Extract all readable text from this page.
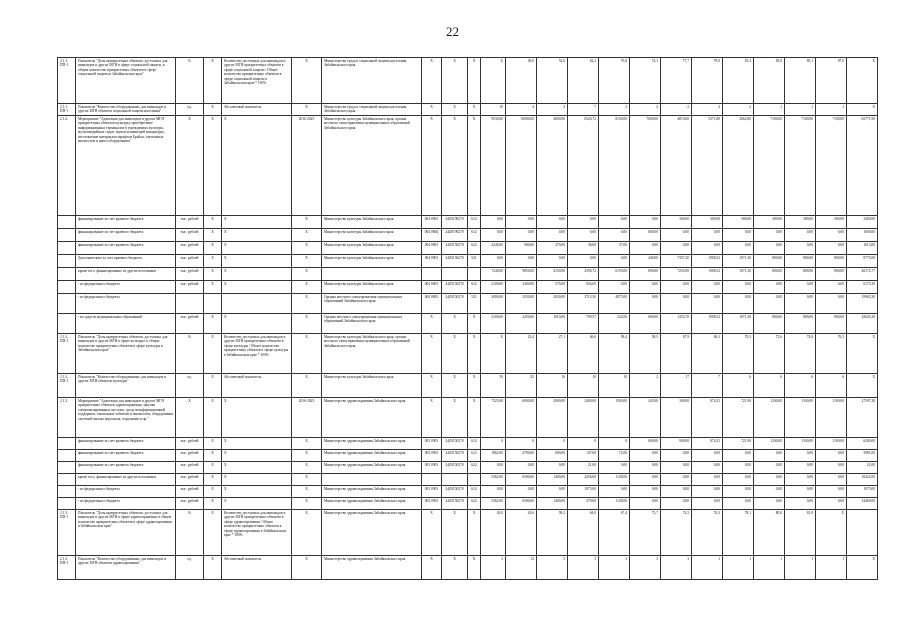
22
2.1.1. ПП-1	Показатель "Доля приоритетных объектов, доступных для инвалидов и других МГН в сфере социальной защиты, в общем количестве приоритетных объектов в сфере социальной защиты в Забайкальском крае"	%	X	Количество доступных для инвалидов и других МГН приоритетных объектов в сфере социальной защиты / Общее количество приоритетных объектов в сфере социальной защиты в Забайкальском крае * 100%	X	Министерство труда и социальной защиты населения Забайкальского края	X	X	X	X	49,0	52,6	62,2	70,8	74,1	77,7	79,0	81,4	83,0	85,1	87,0	X
2.1.1. ПП-1	Показатель "Количество оборудованных для инвалидов и других МГН объектов социальной защиты населения"	ед.	X	Абсолютный показатель	X	Министерство труда и социальной защиты населения Забайкальского края	X	X	X	10	4	3	7	3	2	2	2	2	1	1	1	X
2.1.2.	Мероприятие "Адаптация для инвалидов и других МГН приоритетных объектов культуры, приобретение информационных терминалов в учреждениях культуры, мультимедийных гидов, звукоусиливающей аппаратуры, изготовление материалов шрифтом Брайля, тактильных мнемосхем и иного оборудования"	X	X	X	2016-2025	Министерство культуры Забайкальского края, органы местного самоуправления муниципальных образований Забайкальского края	X	X	X	9530,00	10000,00	4600,00	6520,72	8150,00	7000,00	4874,00	5371,80	2062,80	7100,00	7100,00	7100,00	65771,90
	финансирование за счет краевого бюджета	тыс. рублей	X	X	X	Министерство культуры Забайкальского края	004 0801	24Z0190270	612	0,00	0,00	0,00	0,00	0,00	0,00	300,00	300,00	300,00	300,00	300,00	300,00	2400,00
	финансирование за счет краевого бюджета	тыс. рублей	X	X	X	Министерство культуры Забайкальского края	004 0804	24Z0190270	612	0,00	0,00	0,00	0,00	0,00	600,00	0,00	0,00	0,00	0,00	0,00	0,00	1600,00
	финансирование за счет краевого бюджета	тыс. рублей	X	X	X	Министерство культуры Забайкальского края	004 0801	24Z0150270	622	2240,00	900,00	270,00	36,00	37,00	0,00	0,00	0,00	0,00	0,00	0,00	0,00	1613,00
	Дополнительно за счет краевого бюджета	тыс. рублей	X	X	X	Министерство культуры Забайкальского края	004 0801	24Z0150270	521	0,00	0,00	0,00	0,00	0,00	449,00	7357,20	1908,52	1071,30	800,00	800,00	800,00	8775,68
	кроме того, финансирование из других источников	тыс. рублей	X	X	X					7240,00	9850,00	4150,00	4390,72	6159,00	690,00	7233,90	1908,52	1071,30	800,00	800,00	800,00	46172,77
	- из федерального бюджета	тыс. рублей	X	X	X	Министерство культуры Забайкальского края	004 0801	24Z0150270	622	2100,00	2360,00	570,00	926,00	0,00	0,00	0,00	0,00	0,00	0,00	0,00	0,00	6175,29
	- из федерального бюджета				X	Органы местного самоуправления муниципальных образований Забайкальского края	004 0801	24Z0150270	521	2000,00	3250,00	2030,00	3712,30	4975,00	0,00	0,00	0,00	0,00	0,00	0,00	0,00	19965,30
	- из средств муниципальных образований	тыс. рублей	X	X	X	Органы местного самоуправления муниципальных образований Забайкальского края	X	X	X	2100,00	2250,00	1010,00	799,57	222,00	690,00	1433,70	1908,52	1071,30	800,00	800,00	800,00	25643,30
2.1.2. ПП-1	Показатель "Доля приоритетных объектов, доступных для инвалидов и других МГН в сфере культуры, в общем количестве приоритетных объектов в сфере культуры в Забайкальском крае"	%	X	Количество доступных для инвалидов и других МГН приоритетных объектов в сфере культуры / Общее количество приоритетных объектов в сфере культуры в Забайкальском крае * 100%	X	Министерство культуры Забайкальского края, органы местного самоуправления муниципальных образований Забайкальского края	X	X	X	X	23,4	27,1	46,6	58,4	58,5	67,9	69,1	70,3	72,6	74,0	76,3	X
2.1.2. ПП-1	Показатель "Количество оборудованных для инвалидов и других МГН объектов культуры"	ед.	X	Абсолютный показатель	X	Министерство культуры Забайкальского края	X	X	X	59	25	16	10	10	2	17	7	6	6	6	6	X
2.1.3.	Мероприятие "Адаптация для инвалидов и других МГН приоритетных объектов здравоохранения, закупка специализированных носилок, средств информационной поддержки, тактильных табличек и мнемосхем, оборудования системой вызова персонала, поручнями и пр."	X	X	X	2016-2025	Министерство здравоохранения Забайкальского края	X	X	X	7525,00	6000,00	2000,00	2400,00	1500,00	445,00	300,00	874,21	721,90	1100,00	1100,00	1100,00	27597,28
	финансирование за счет краевого бюджета	тыс. рублей	X	X	X	Министерство здравоохранения Забайкальского края	003 0901	24Z0150270	612	0	0	0	0	0	600,00	900,00	874,21	721,90	1100,00	1100,00	1100,00	6200,00
	финансирование за счет краевого бюджета	тыс. рублей	X	X	X	Министерство здравоохранения Забайкальского края	003 0901	24Z0150270	612	1862,00	2790,00	600,00	147,00	72,00	0,00	0,00	0,00	0,00	0,00	0,00	0,00	5981,00
	финансирование за счет краевого бюджета	тыс. рублей	X	X	X	Министерство здравоохранения Забайкальского края	003 0901	24Z0150270	622	0,00	0,00	0,00	21,00	0,00	0,00	0,00	0,00	0,00	0,00	0,00	0,00	21,00
	кроме того, финансирование из других источников	тыс. рублей	X	X	X					5362,00	6300,00	1400,00	2256,00	1128,00	0,00	0,00	0,00	0,00	0,00	0,00	0,00	16422,00
	- из федерального бюджета	тыс. рублей	X	X	X	Министерство здравоохранения Забайкальского края	003 0901	24Z0150270	612	0,00	0,00	0,00	1975,00	0,00	0,00	0,00	0,00	0,00	0,00	0,00	0,00	1975,00
	- из федерального бюджета	тыс. рублей	X	X	X	Министерство здравоохранения Забайкальского края	003 0901	24Z0150270	622	5362,00	6300,00	1400,00	279,00	1128,00	0,00	0,00	0,00	0,00	0,00	0,00	0,00	14469,00
2.1.3. ПП-1	Показатель "Доля приоритетных объектов, доступных для инвалидов и других МГН в сфере здравоохранения, в общем количестве приоритетных объектов в сфере здравоохранения в Забайкальском крае"	%	X	Количество доступных для инвалидов и других МГН приоритетных объектов в сфере здравоохранения / Общее количество приоритетных объектов в сфере здравоохранения в Забайкальском крае * 100%	X	Министерство здравоохранения Забайкальского края	X	X	X	43,0	43,6	58,2	64,0	67,4	73,7	74,5	76,3	78,1	80,0	81,9	X	
2.1.3. ПП-1	Показатель "Количество оборудованных для инвалидов и других МГН объектов здравоохранения"	ед.	X	Абсолютный показатель	X	Министерство здравоохранения Забайкальского края	X	X	X	3	12	5	3	3	3	3	1	1	1	1	1	X
